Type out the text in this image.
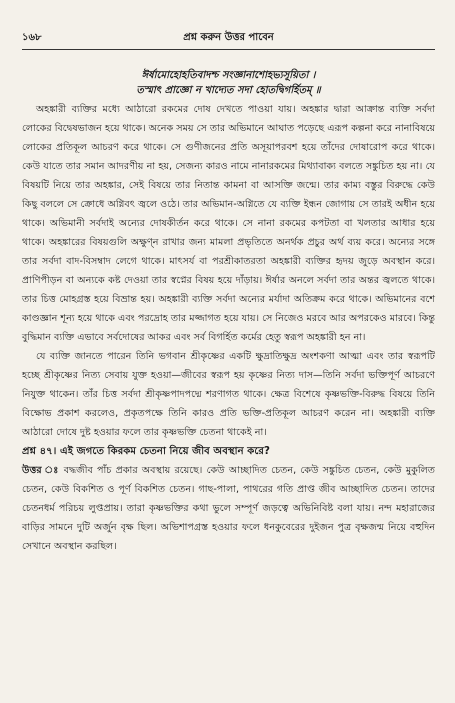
১৬৮	প্রশ্ন করুন উত্তর পাবেন
ঈর্ষামোহোহতিবাদশ্চ সংজ্ঞানাশোহভ্যসূয়িতা ।
তস্মাৎ প্রাজ্ঞো ন খাদ্যেত সদা হোতদ্বিগর্হিতম্ ॥

অহঙ্কারী ব্যক্তির মধ্যে আঠারো রকমের দোষ দেখতে পাওয়া যায়। অহঙ্কার দ্বারা আক্রান্ত ব্যক্তি সর্বদা লোকের বিদ্বেষভাজন হয়ে থাকে। অনেক সময় সে তার অভিমানে আঘাত পড়েছে এরূপ কল্পনা করে নানাবিষয়ে লোকের প্রতিকূল আচরণ করে থাকে। সে গুণীজনের প্রতি অসূয়াপরবশ হয়ে তাঁদের দোষারোপ করে থাকে। কেউ যাতে তার সমান আদরণীয় না হয়, সেজন্য কারও নামে নানারকমের মিথ্যাবাক্য বলতে সঙ্কুচিত হয় না। যে বিষয়টি নিয়ে তার অহঙ্কার, সেই বিষয়ে তার নিতান্ত কামনা বা আসক্তি জন্মে। তার কাম্য বস্তুর বিরুদ্ধে কেউ কিছু বললে সে ক্রোধে অগ্নিবৎ জ্বলে ওঠে। তার অভিমান-অগ্নিতে যে ব্যক্তি ইন্ধন জোগায় সে তারই অধীন হয়ে থাকে। অভিমানী সর্বদাই অন্যের দোষকীর্তন করে থাকে। সে নানা রকমের কপটতা বা খলতার আধার হয়ে থাকে। অহঙ্কারের বিষয়গুলি অক্ষুণ্ন রাখার জন্য মামলা প্রভৃতিতে অনর্থক প্রচুর অর্থ ব্যয় করে। অন্যের সঙ্গে তার সর্বদা বাদ-বিসম্বাদ লেগে থাকে। মাৎসর্য বা পরশ্রীকাতরতা অহঙ্কারী ব্যক্তির হৃদয় জুড়ে অবস্থান করে। প্রাণিপীড়ন বা অন্যকে কষ্ট দেওয়া তার স্বপ্নের বিষয় হয়ে দাঁড়ায়। ঈর্ষার অনলে সর্বদা তার অন্তর জ্বলতে থাকে। তার চিত্ত মোহগ্রস্ত হয়ে বিভ্রান্ত হয়। অহঙ্কারী ব্যক্তি সর্বদা অন্যের মর্যাদা অতিক্রম করে থাকে। অভিমানের বশে কাণ্ডজ্ঞান শূন্য হয়ে থাকে এবং পরদ্রোহ তার মজ্জাগত হয়ে যায়। সে নিজেও মরবে আর অপরকেও মারবে। কিন্তু বুদ্ধিমান ব্যক্তি এভাবে সর্বদোষের আকর এবং সর্ব বিগর্হিত কর্মের হেতু স্বরূপ অহঙ্কারী হন না।

যে ব্যক্তি জানতে পারেন তিনি ভগবান শ্রীকৃষ্ণের একটি ক্ষুদ্রাতিক্ষুদ্র অংশকণা আত্মা এবং তার স্বরূপটি হচ্ছে শ্রীকৃষ্ণের নিত্য সেবায় যুক্ত হওয়া—জীবের স্বরূপ হয় কৃষ্ণের নিত্য দাস—তিনি সর্বদা ভক্তিপূর্ণ আচরণে নিযুক্ত থাকেন। তাঁর চিত্ত সর্বদা শ্রীকৃষ্ণপাদপদ্মে শরণাগত থাকে। ক্ষেত্র বিশেষে কৃষ্ণভক্তি-বিরুদ্ধ বিষয়ে তিনি বিক্ষোভ প্রকাশ করলেও, প্রকৃতপক্ষে তিনি কারও প্রতি ভক্তি-প্রতিকূল আচরণ করেন না। অহঙ্কারী ব্যক্তি আঠারো দোষে দুষ্ট হওয়ার ফলে তার কৃষ্ণভক্তি চেতনা থাকেই না।

প্রশ্ন ৪৭। এই জগতে কিরকম চেতনা নিয়ে জীব অবস্থান করে?

উত্তর ঃ বদ্ধজীব পাঁচ প্রকার অবস্থায় রয়েছে। কেউ আচ্ছাদিত চেতন, কেউ সঙ্কুচিত চেতন, কেউ মুকুলিত চেতন, কেউ বিকশিত ও পূর্ণ বিকশিত চেতন। গাছ-পালা, পাথরের গতি প্রাপ্ত জীব আচ্ছাদিত চেতন। তাদের চেতনধর্ম পরিচয় লুপ্তপ্রায়। তারা কৃষ্ণভক্তির কথা ভুলে সম্পূর্ণ জড়ত্বে অভিনিবিষ্ট বলা যায়। নন্দ মহারাজের বাড়ির সামনে দুটি অর্জুন বৃক্ষ ছিল। অভিশাপগ্রস্ত হওয়ার ফলে ধনকুবেরের দুইজন পুত্র বৃক্ষজন্ম নিয়ে বহুদিন সেখানে অবস্থান করছিল।
